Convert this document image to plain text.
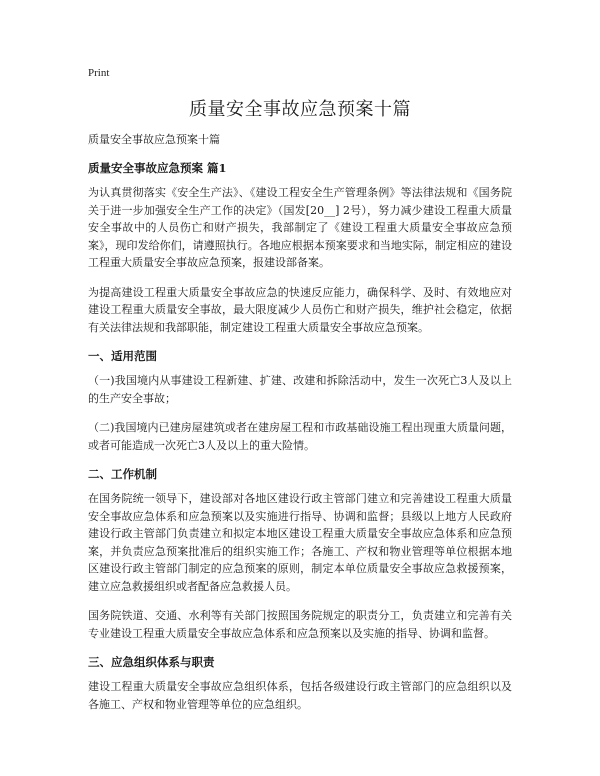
Print
质量安全事故应急预案十篇
质量安全事故应急预案十篇
质量安全事故应急预案 篇1

为认真贯彻落实《安全生产法》、《建设工程安全生产管理条例》等法律法规和《国务院关于进一步加强安全生产工作的决定》（国发[20__] 2号），努力减少建设工程重大质量安全事故中的人员伤亡和财产损失，我部制定了《建设工程重大质量安全事故应急预案》，现印发给你们，请遵照执行。各地应根据本预案要求和当地实际，制定相应的建设工程重大质量安全事故应急预案，报建设部备案。

为提高建设工程重大质量安全事故应急的快速反应能力，确保科学、及时、有效地应对建设工程重大质量安全事故，最大限度减少人员伤亡和财产损失，维护社会稳定，依据有关法律法规和我部职能，制定建设工程重大质量安全事故应急预案。

一、适用范围

（一)我国境内从事建设工程新建、扩建、改建和拆除活动中，发生一次死亡3人及以上的生产安全事故；

（二)我国境内已建房屋建筑或者在建房屋工程和市政基础设施工程出现重大质量问题，或者可能造成一次死亡3人及以上的重大险情。

二、工作机制

在国务院统一领导下，建设部对各地区建设行政主管部门建立和完善建设工程重大质量安全事故应急体系和应急预案以及实施进行指导、协调和监督；县级以上地方人民政府建设行政主管部门负责建立和拟定本地区建设工程重大质量安全事故应急体系和应急预案，并负责应急预案批准后的组织实施工作；各施工、产权和物业管理等单位根据本地区建设行政主管部门制定的应急预案的原则，制定本单位质量安全事故应急救援预案，建立应急救援组织或者配备应急救援人员。

国务院铁道、交通、水利等有关部门按照国务院规定的职责分工，负责建立和完善有关专业建设工程重大质量安全事故应急体系和应急预案以及实施的指导、协调和监督。

三、应急组织体系与职责

建设工程重大质量安全事故应急组织体系，包括各级建设行政主管部门的应急组织以及各施工、产权和物业管理等单位的应急组织。
